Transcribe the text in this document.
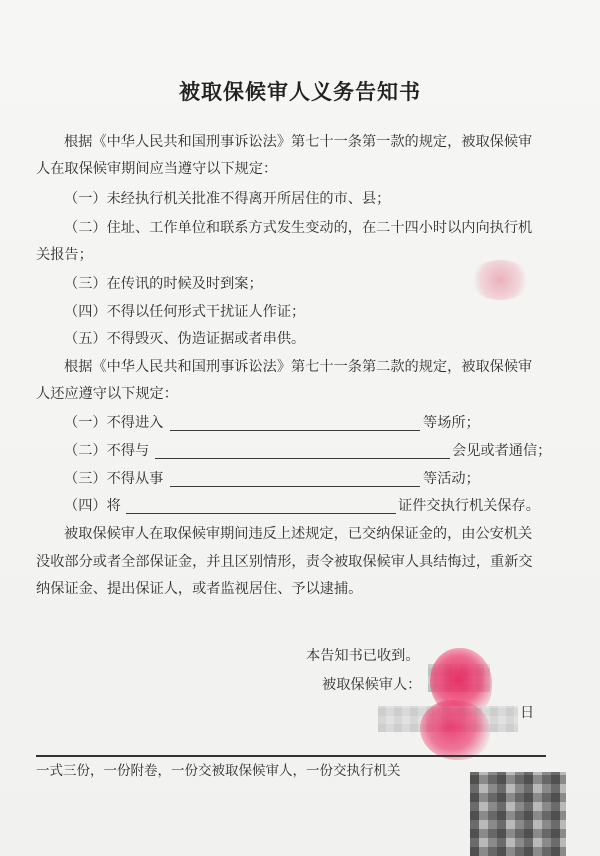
被取保候审人义务告知书
根据《中华人民共和国刑事诉讼法》第七十一条第一款的规定，被取保候审
人在取保候审期间应当遵守以下规定：
（一）未经执行机关批准不得离开所居住的市、县；
（二）住址、工作单位和联系方式发生变动的，在二十四小时以内向执行机
关报告；
（三）在传讯的时候及时到案；
（四）不得以任何形式干扰证人作证；
（五）不得毁灭、伪造证据或者串供。
根据《中华人民共和国刑事诉讼法》第七十一条第二款的规定，被取保候审
人还应遵守以下规定：
（一）不得进入	等场所；
（二）不得与	会见或者通信；
（三）不得从事	等活动；
（四）将	证件交执行机关保存。
被取保候审人在取保候审期间违反上述规定，已交纳保证金的，由公安机关
没收部分或者全部保证金，并且区别情形，责令被取保候审人具结悔过，重新交
纳保证金、提出保证人，或者监视居住、予以逮捕。
本告知书已收到。
被取保候审人：
日
一式三份，一份附卷，一份交被取保候审人，一份交执行机关
